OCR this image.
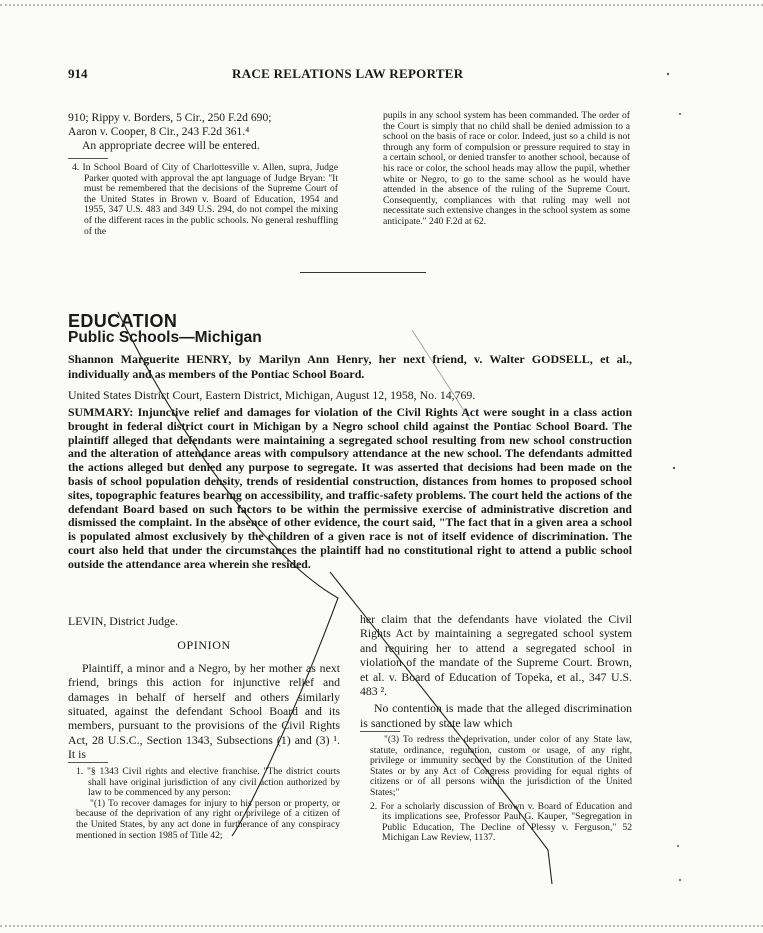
914	RACE RELATIONS LAW REPORTER

910; Rippy v. Borders, 5 Cir., 250 F.2d 690;

Aaron v. Cooper, 8 Cir., 243 F.2d 361.⁴

An appropriate decree will be entered.

4. In School Board of City of Charlottesville v. Allen, supra, Judge Parker quoted with approval the apt language of Judge Bryan: "It must be remembered that the decisions of the Supreme Court of the United States in Brown v. Board of Education, 1954 and 1955, 347 U.S. 483 and 349 U.S. 294, do not compel the mixing of the different races in the public schools. No general reshuffling of the

pupils in any school system has been commanded. The order of the Court is simply that no child shall be denied admission to a school on the basis of race or color. Indeed, just so a child is not through any form of compulsion or pressure required to stay in a certain school, or denied transfer to another school, because of his race or color, the school heads may allow the pupil, whether white or Negro, to go to the same school as he would have attended in the absence of the ruling of the Supreme Court. Consequently, compliances with that ruling may well not necessitate such extensive changes in the school system as some anticipate." 240 F.2d at 62.

EDUCATION
Public Schools—Michigan

Shannon Marguerite HENRY, by Marilyn Ann Henry, her next friend, v. Walter GODSELL, et al., individually and as members of the Pontiac School Board.

United States District Court, Eastern District, Michigan, August 12, 1958, No. 14,769.

SUMMARY: Injunctive relief and damages for violation of the Civil Rights Act were sought in a class action brought in federal district court in Michigan by a Negro school child against the Pontiac School Board. The plaintiff alleged that defendants were maintaining a segregated school resulting from new school construction and the alteration of attendance areas with compulsory attendance at the new school. The defendants admitted the actions alleged but denied any purpose to segregate. It was asserted that decisions had been made on the basis of school population density, trends of residential construction, distances from homes to proposed school sites, topographic features bearing on accessibility, and traffic-safety problems. The court held the actions of the defendant Board based on such factors to be within the permissive exercise of administrative discretion and dismissed the complaint. In the absence of other evidence, the court said, "The fact that in a given area a school is populated almost exclusively by the children of a given race is not of itself evidence of discrimination. The court also held that under the circumstances the plaintiff had no constitutional right to attend a public school outside the attendance area wherein she resided.

LEVIN, District Judge.

OPINION

Plaintiff, a minor and a Negro, by her mother as next friend, brings this action for injunctive relief and damages in behalf of herself and others similarly situated, against the defendant School Board and its members, pursuant to the provisions of the Civil Rights Act, 28 U.S.C., Section 1343, Subsections (1) and (3) ¹. It is

1. "§ 1343 Civil rights and elective franchise. "The district courts shall have original jurisdiction of any civil action authorized by law to be commenced by any person:

"(1) To recover damages for injury to his person or property, or because of the deprivation of any right or privilege of a citizen of the United States, by any act done in furtherance of any conspiracy mentioned in section 1985 of Title 42;

her claim that the defendants have violated the Civil Rights Act by maintaining a segregated school system and requiring her to attend a segregated school in violation of the mandate of the Supreme Court. Brown, et al. v. Board of Education of Topeka, et al., 347 U.S. 483 ².

No contention is made that the alleged discrimination is sanctioned by state law which

"(3) To redress the deprivation, under color of any State law, statute, ordinance, regulation, custom or usage, of any right, privilege or immunity secured by the Constitution of the United States or by any Act of Congress providing for equal rights of citizens or of all persons within the jurisdiction of the United States;"

2. For a scholarly discussion of Brown v. Board of Education and its implications see, Professor Paul G. Kauper, "Segregation in Public Education, The Decline of Plessy v. Ferguson," 52 Michigan Law Review, 1137.
